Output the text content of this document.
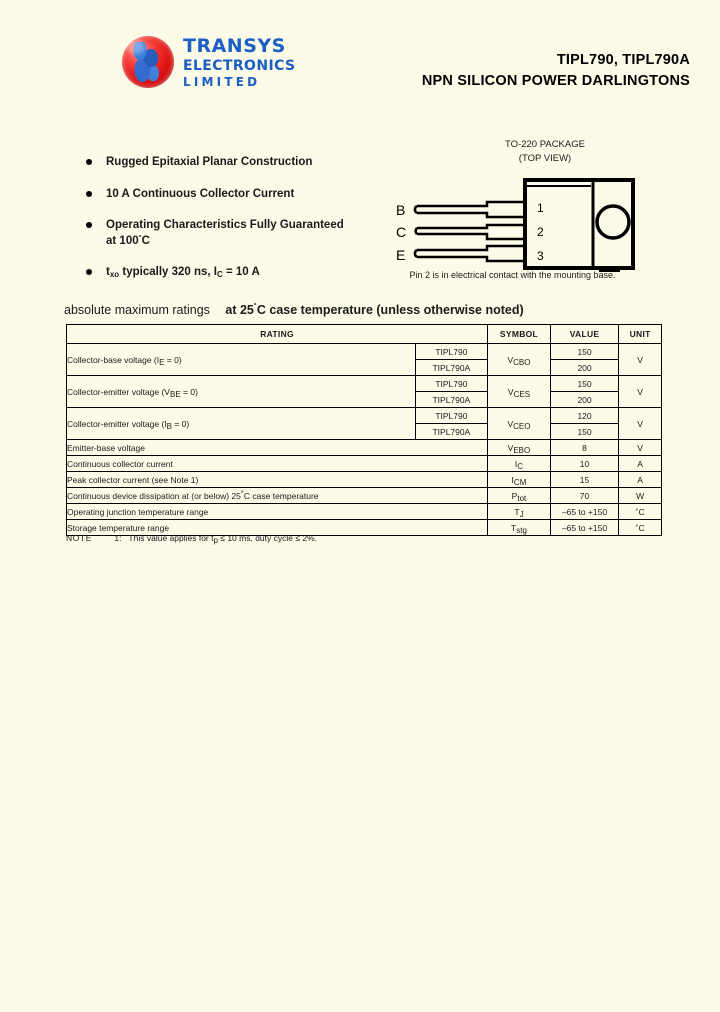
TRANSYS
ELECTRONICS
LIMITED
TIPL790, TIPL790A
NPN SILICON POWER DARLINGTONS
Rugged Epitaxial Planar Construction
10 A Continuous Collector Current
Operating Characteristics Fully Guaranteed
at 100˚C
$t_{xo}$ typically 320 ns, $I_C = 10$ A
TO-220 PACKAGE
(TOP VIEW)
B
C
E
1
2
3
Pin 2 is in electrical contact with the mounting base.
absolute maximum ratings at 25˚C case temperature (unless otherwise noted)
RATING		SYMBOL	VALUE	UNIT
Collector-base voltage $(I_E = 0)$	TIPL790	$V_{CBO}$	150	V
	TIPL790A		200	
Collector-emitter voltage $(V_{BE} = 0)$	TIPL790	$V_{CES}$	150	V
	TIPL790A		200	
Collector-emitter voltage $(I_B = 0)$	TIPL790	$V_{CEO}$	120	V
	TIPL790A		150	
Emitter-base voltage		$V_{EBO}$	8	V
Continuous collector current		$I_C$	10	A
Peak collector current (see Note 1)		$I_{CM}$	15	A
Continuous device dissipation at (or below) 25˚C case temperature		$P_{tot}$	70	W
Operating junction temperature range		$T_J$	–65 to +150	˚C
Storage temperature range		$T_{stg}$	–65 to +150	˚C
NOTE	1:   This value applies for $t_p \le 10$ ms, duty cycle ≤ 2%.
